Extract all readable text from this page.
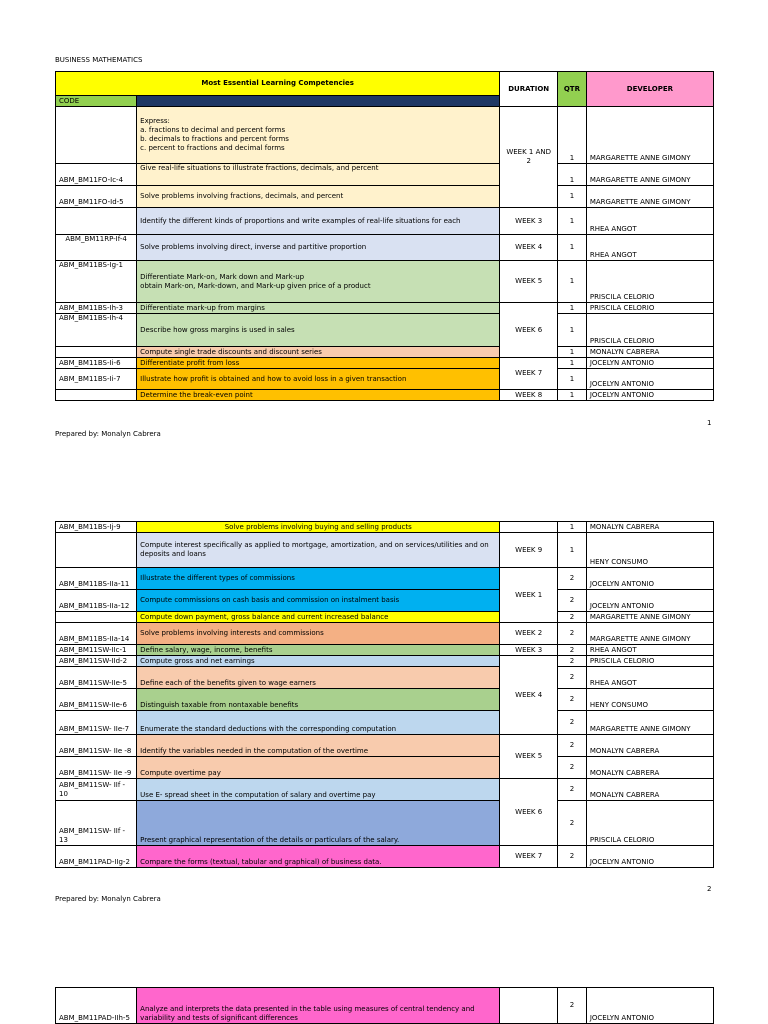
BUSINESS MATHEMATICS
Most Essential Learning Competencies		DURATION	QTR	DEVELOPER
CODE				

	Express:
a. fractions to decimal and percent forms
b. decimals to fractions and percent forms
c. percent to fractions and decimal forms	WEEK 1 AND 2	1	MARGARETTE ANNE GIMONY
ABM_BM11FO-Ic-4	Give real-life situations to illustrate fractions, decimals, and percent		1	MARGARETTE ANNE GIMONY
ABM_BM11FO-Id-5	Solve problems involving fractions, decimals, and percent		1	MARGARETTE ANNE GIMONY
	Identify the different kinds of proportions and write examples of real-life situations for each	WEEK 3	1	RHEA ANGOT
ABM_BM11RP-If-4	Solve problems involving direct, inverse and partitive proportion	WEEK 4	1	RHEA ANGOT
ABM_BM11BS-Ig-1	Differentiate Mark-on, Mark down and Mark-up
obtain Mark-on, Mark-down, and Mark-up given price of a product	WEEK 5	1	PRISCILA CELORIO
ABM_BM11BS-Ih-3	Differentiate mark-up from margins	WEEK 6	1	PRISCILA CELORIO
ABM_BM11BS-Ih-4	Describe how gross margins is used in sales		1	PRISCILA CELORIO
	Compute single trade discounts and discount series		1	MONALYN CABRERA
ABM_BM11BS-Ii-6	Differentiate profit from loss	WEEK 7	1	JOCELYN ANTONIO
ABM_BM11BS-Ii-7	Illustrate how profit is obtained and how to avoid loss in a given transaction		1	JOCELYN ANTONIO
	Determine the break-even point	WEEK 8	1	JOCELYN ANTONIO
1
Prepared by: Monalyn Cabrera
ABM_BM11BS-Ij-9	Solve problems involving buying and selling products		1	MONALYN CABRERA
	Compute interest specifically as applied to mortgage, amortization, and on services/utilities and on deposits and loans	WEEK 9	1	HENY CONSUMO
ABM_BM11BS-IIa-11	Illustrate the different types of commissions	WEEK 1	2	JOCELYN ANTONIO
ABM_BM11BS-IIa-12	Compute commissions on cash basis and commission on instalment basis		2	JOCELYN ANTONIO
	Compute down payment, gross balance and current increased balance		2	MARGARETTE ANNE GIMONY
ABM_BM11BS-IIa-14	Solve problems involving interests and commissions	WEEK 2	2	MARGARETTE ANNE GIMONY
ABM_BM11SW-IIc-1	Define salary, wage, income, benefits	WEEK 3	2	RHEA ANGOT
ABM_BM11SW-IId-2	Compute gross and net earnings	WEEK 4	2	PRISCILA CELORIO
ABM_BM11SW-IIe-5	Define each of the benefits given to wage earners		2	RHEA ANGOT
ABM_BM11SW-IIe-6	Distinguish taxable from nontaxable benefits		2	HENY CONSUMO
ABM_BM11SW- IIe-7	Enumerate the standard deductions with the corresponding computation		2	MARGARETTE ANNE GIMONY
ABM_BM11SW- IIe -8	Identify the variables needed in the computation of the overtime	WEEK 5	2	MONALYN CABRERA
ABM_BM11SW- IIe -9	Compute overtime pay		2	MONALYN CABRERA
ABM_BM11SW- IIf -
10	Use E- spread sheet in the computation of salary and overtime pay	WEEK 6	2	MONALYN CABRERA
ABM_BM11SW- IIf -
13	Present graphical representation of the details or particulars of the salary.		2	PRISCILA CELORIO
ABM_BM11PAD-IIg-2	Compare the forms (textual, tabular and graphical) of business data.	WEEK 7	2	JOCELYN ANTONIO
2
Prepared by: Monalyn Cabrera
ABM_BM11PAD-IIh-5	Analyze and interprets the data presented in the table using measures of central tendency and variability and tests of significant differences		2	JOCELYN ANTONIO
